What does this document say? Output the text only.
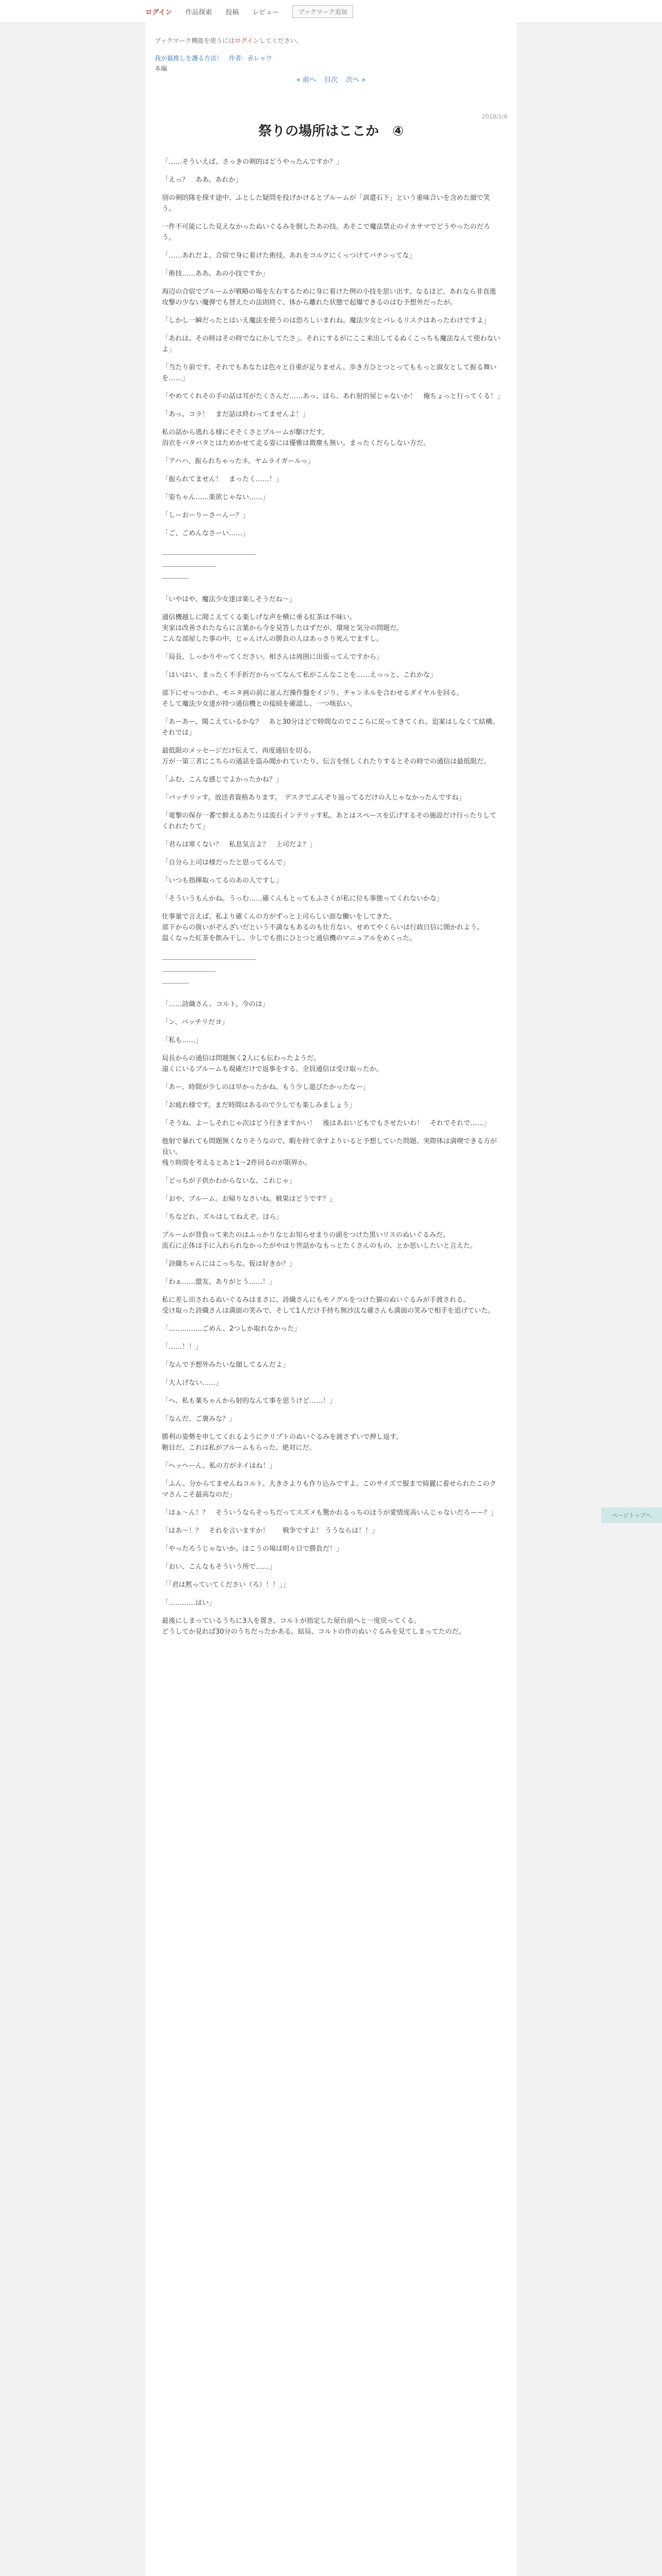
ログイン 作品探索 投稿 レビュー	ブックマーク追加
ブックマーク機能を使うにはログインしてください。
我が最推しを護る方法！　 作者：赤レャウ
本編
« 前へ 目次 次へ »
2018/2/8
祭りの場所はここか　④

「……そういえば、さっきの剣的はどうやったんですか？」

「えっ？　ああ、あれか」

別の剣的隊を探す途中、ふとした疑問を投げかけるとブルームが「訓還石下」という重味合いを含めた顔で笑う。

一件不可能にした見えなかったぬいぐるみを倒したあの技。あそこで魔法禁止のイカサマでどうやったのだろう。

「……あれだよ、合宿で身に着けた術技。あれをコルクにくっつけてバチンってな」

「術技……ああ、あの小技ですか」

海辺の合宿でブルームが戦略の場を左右するために身に着けた例の小技を思い出す。なるほど、あれなら非直進攻撃の少ない魔弾でも替えたの法則終ぐ、体から離れた状態で起爆できるのはむ予想外だったが。

「しかし一瞬だったとはいえ魔法を使うのは恐ろしいまれね。魔法少女とバレるリスクはあったわけですよ」

「あれは、その時はその時でなにかしてたさ」。それにするがにここ来出してるぬくこっちも魔法なんて使わないよ」

「当たり前です。それでもあなたは色々と自重が足りません。歩き方ひとつとってももっと淑女として振る舞いを……」

「やめてくれその手の話は耳がたくさんだ……あっ、ほら、あれ射的屋じゃないか！　俺ちょっと行ってくる！」

「あっ、コラ！　まだ話は終わってませんよ！」

私の話から逃れる様にそそくさとブルームが駆けだす。
浴衣をパタパタとはためかせて走る姿には優雅は微塵も無い。まったくだらしない方だ。

「アハハ、振られちゃったネ。ヤムライガールっ」

「振られてません！　まったく……！」

「姿ちゃん……楽欲じゃない……」

「しーおーりーさーんー？」

「ご、ごめんなさーい……」

――――――――――――――

――――――――

――――

「いやはや、魔法少女達は楽しそうだね～」

通信機越しに聞こえてくる楽しげな声を横に垂る紅茶は不味い。
実家は改善されたならに言葉から今を見答したはずだが、環境と気分の問題だ。
こんな部屋した事の中、じゃんけんの勝負の人はあっさり死んでますし。

「局長、しっかりやってください。相さんは周囲に出張ってんですから」

「はいはい、まったく不手折だからってなんて私がこんなことを……えっっと、これかな」

部下にせっつかれ、モニタ画の前に並んだ操作盤をイジり、チャンネルを合わせるダイヤルを回る。
そして魔法少女達が持つ通信機との接続を確認し、一つ咳払い。

「あーあー、聞こえているかな？　あと30分ほどで時間なのでここらに戻ってきてくれ。追案はしなくて結構。それでは」

最低限のメッセージだけ伝えて、再度通信を切る。
万が一第三者にこちらの通話を盗み聞かれていたり、伝言を怪しくれたりするとその時での通信は最低限だ。

「ふむ、こんな感じでよかったかね？」

「バッチリッす。放送者資格あります。　デスクでぶんぞり返ってるだけの人じゃなかったんですね」

「電撃の保存一番で鮮えるあたりは流石インテリッす私。あとはスペースを広げするその施設だけ行ったりしてくれれたりて」

「君らは寒くない？　私息気言よ？　上司だよ？」

「自分ら上司は様だったと思ってるんで」

「いつも指揮取ってるのあの人ですし」

「そういうもんかね。うっむ……確くんもとってもふさくが私に位も事態ってくれないかな」

仕事量で言えば、私より確くんの方がずっと上司らしい面な働いをしてきた。
部下からの扱いがぞんざいだという不満なもあるのも仕方ない。せめてやくらいは行政日信に開かれよう。
温くなった紅茶を飲み干し、少しでも指にひとつと通信機のマニュアルをめくった。

――――――――――――――

――――――――

――――

「……詩織さん、コルト。今のは」

「ン、バッチリだヨ」

「私も……」

局長からの通信は問題無く2人にも伝わったようだ。
遠くにいるブルームも現確だけで返事をする。全員通信は受け取ったか。

「あー、時間が少しのは早かったかね。もう少し遊びたかったなー」

「お疲れ様です。まだ時間はあるので少しでも楽しみましょう」

「そうね、よーしそれじゃ次はどう行きますかい！　後はあおいどもでもさせたいわ！　それでそれで……」

他射で暴れても問題無くなりそうなので、暇を持て余すよりいると予想していた問題、実際体は満喫できる方が良い。
残り時間を考えるとあと1～2件回るのが限界か。

「どっちが子供かわからないな、これじゃ」

「おや、ブルーム。お帰りなさいね。戦果はどうです？」

「ちなどれ、ズルはしてねえぞ。ほら」

ブルームが背負って来たのはふっかりなとお知らせまりの頭をつけた黒いリスのぬいぐるみだ。
流石に正体は手に入れられなかったがやはり世話かなもっとたくさんのもの、とか思いしたいと言えた。

「詩織ちゃんにはこっちな。仮は好きか？」

「わぁ……盟友、ありがとう……！」

私に差し出されるぬいぐるみはまさに、詩織さんにもモノグルをつけた猫のぬいぐるみが手渡される。
受け取った詩織さんは満面の笑みで、そして1人だけ手持ち無沙汰な確さんも満面の笑みで相手を追げていた。

「……………ごめん、2つしか取れなかった」

「……！！」

「なんで予想外みたいな顔してるんだよ」

「大人げない……」

「ヘ、私も薬ちゃんから射的なんて事を思うけど……！」

「なんだ、ご褒みな？」

勝利の姿勢を申してくれるようにクリプトのぬいぐるみを渡さずいで押し返す。
鞄目だ。これは私がブルームもらった、絶対にだ。

「ヘッヘーん、私の方がネイはね！」

「ふん。分からてませんねコルト。大きさよりも作り込みですよ。このサイズで服まで綺麗に着せられたこのクマさんこそ最高なのだ」

「はぁ～ん！？　そういうならそっちだってスズメも驚かれるっちのほうが愛情度高いんじゃないだろーー？」

「はあ～！？　それを言いますか！　　戦争ですよ！ ううならは！！」

「やったろうじゃないか。ほこうの場は明々日で勝負だ！」

「おい、こんなもそういう所で……」

「「君は黙っていてください（ろ）！！」」

「…………はい」

最後にしまっているうちに3人を置き、コルトが指定した屋台前へと一度戻ってくる。
どうしてか見れば30分のうちだったかある。結局、コルトの作のぬいぐるみを見てしまってたのだ。

ページトップへ
